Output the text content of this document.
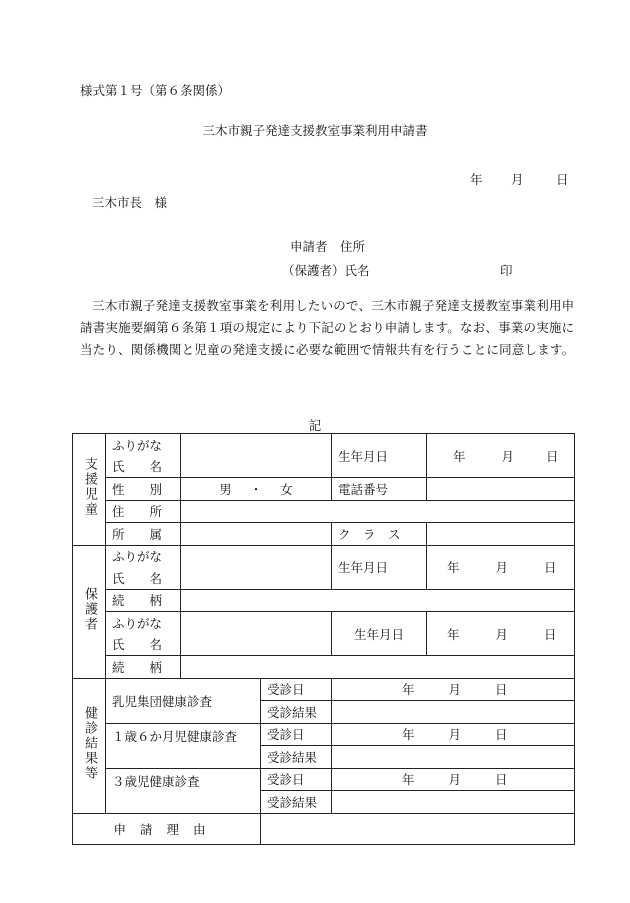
様式第１号（第６条関係）
三木市親子発達支援教室事業利用申請書
年 月	日
三木市長　様
申請者　住所
（保護者）氏名	印
三木市親子発達支援教室事業を利用したいので、三木市親子発達支援教室事業利用申請書実施要綱第６条第１項の規定により下記のとおり申請します。なお、事業の実施に当たり、関係機関と児童の発達支援に必要な範囲で情報共有を行うことに同意します。
記
支援児童	ふりがな			生年月日	年 月 日
	氏　　名				
	性　　別	男 ・ 女		電話番号	
	住　　所				
	所　　属			ク　ラ　ス	
保護者	ふりがな			生年月日	年 月 日
	氏　　名				
	続　　柄				
	ふりがな			生年月日	年 月 日
	氏　　名				
	続　　柄				
健診結果等	乳児集団健康診査		受診日	年 月 日	
			受診結果		
	１歳６か月児健康診査		受診日	年 月 日	
			受診結果		
	３歳児健康診査		受診日	年 月 日	
			受診結果		
申請理由					
